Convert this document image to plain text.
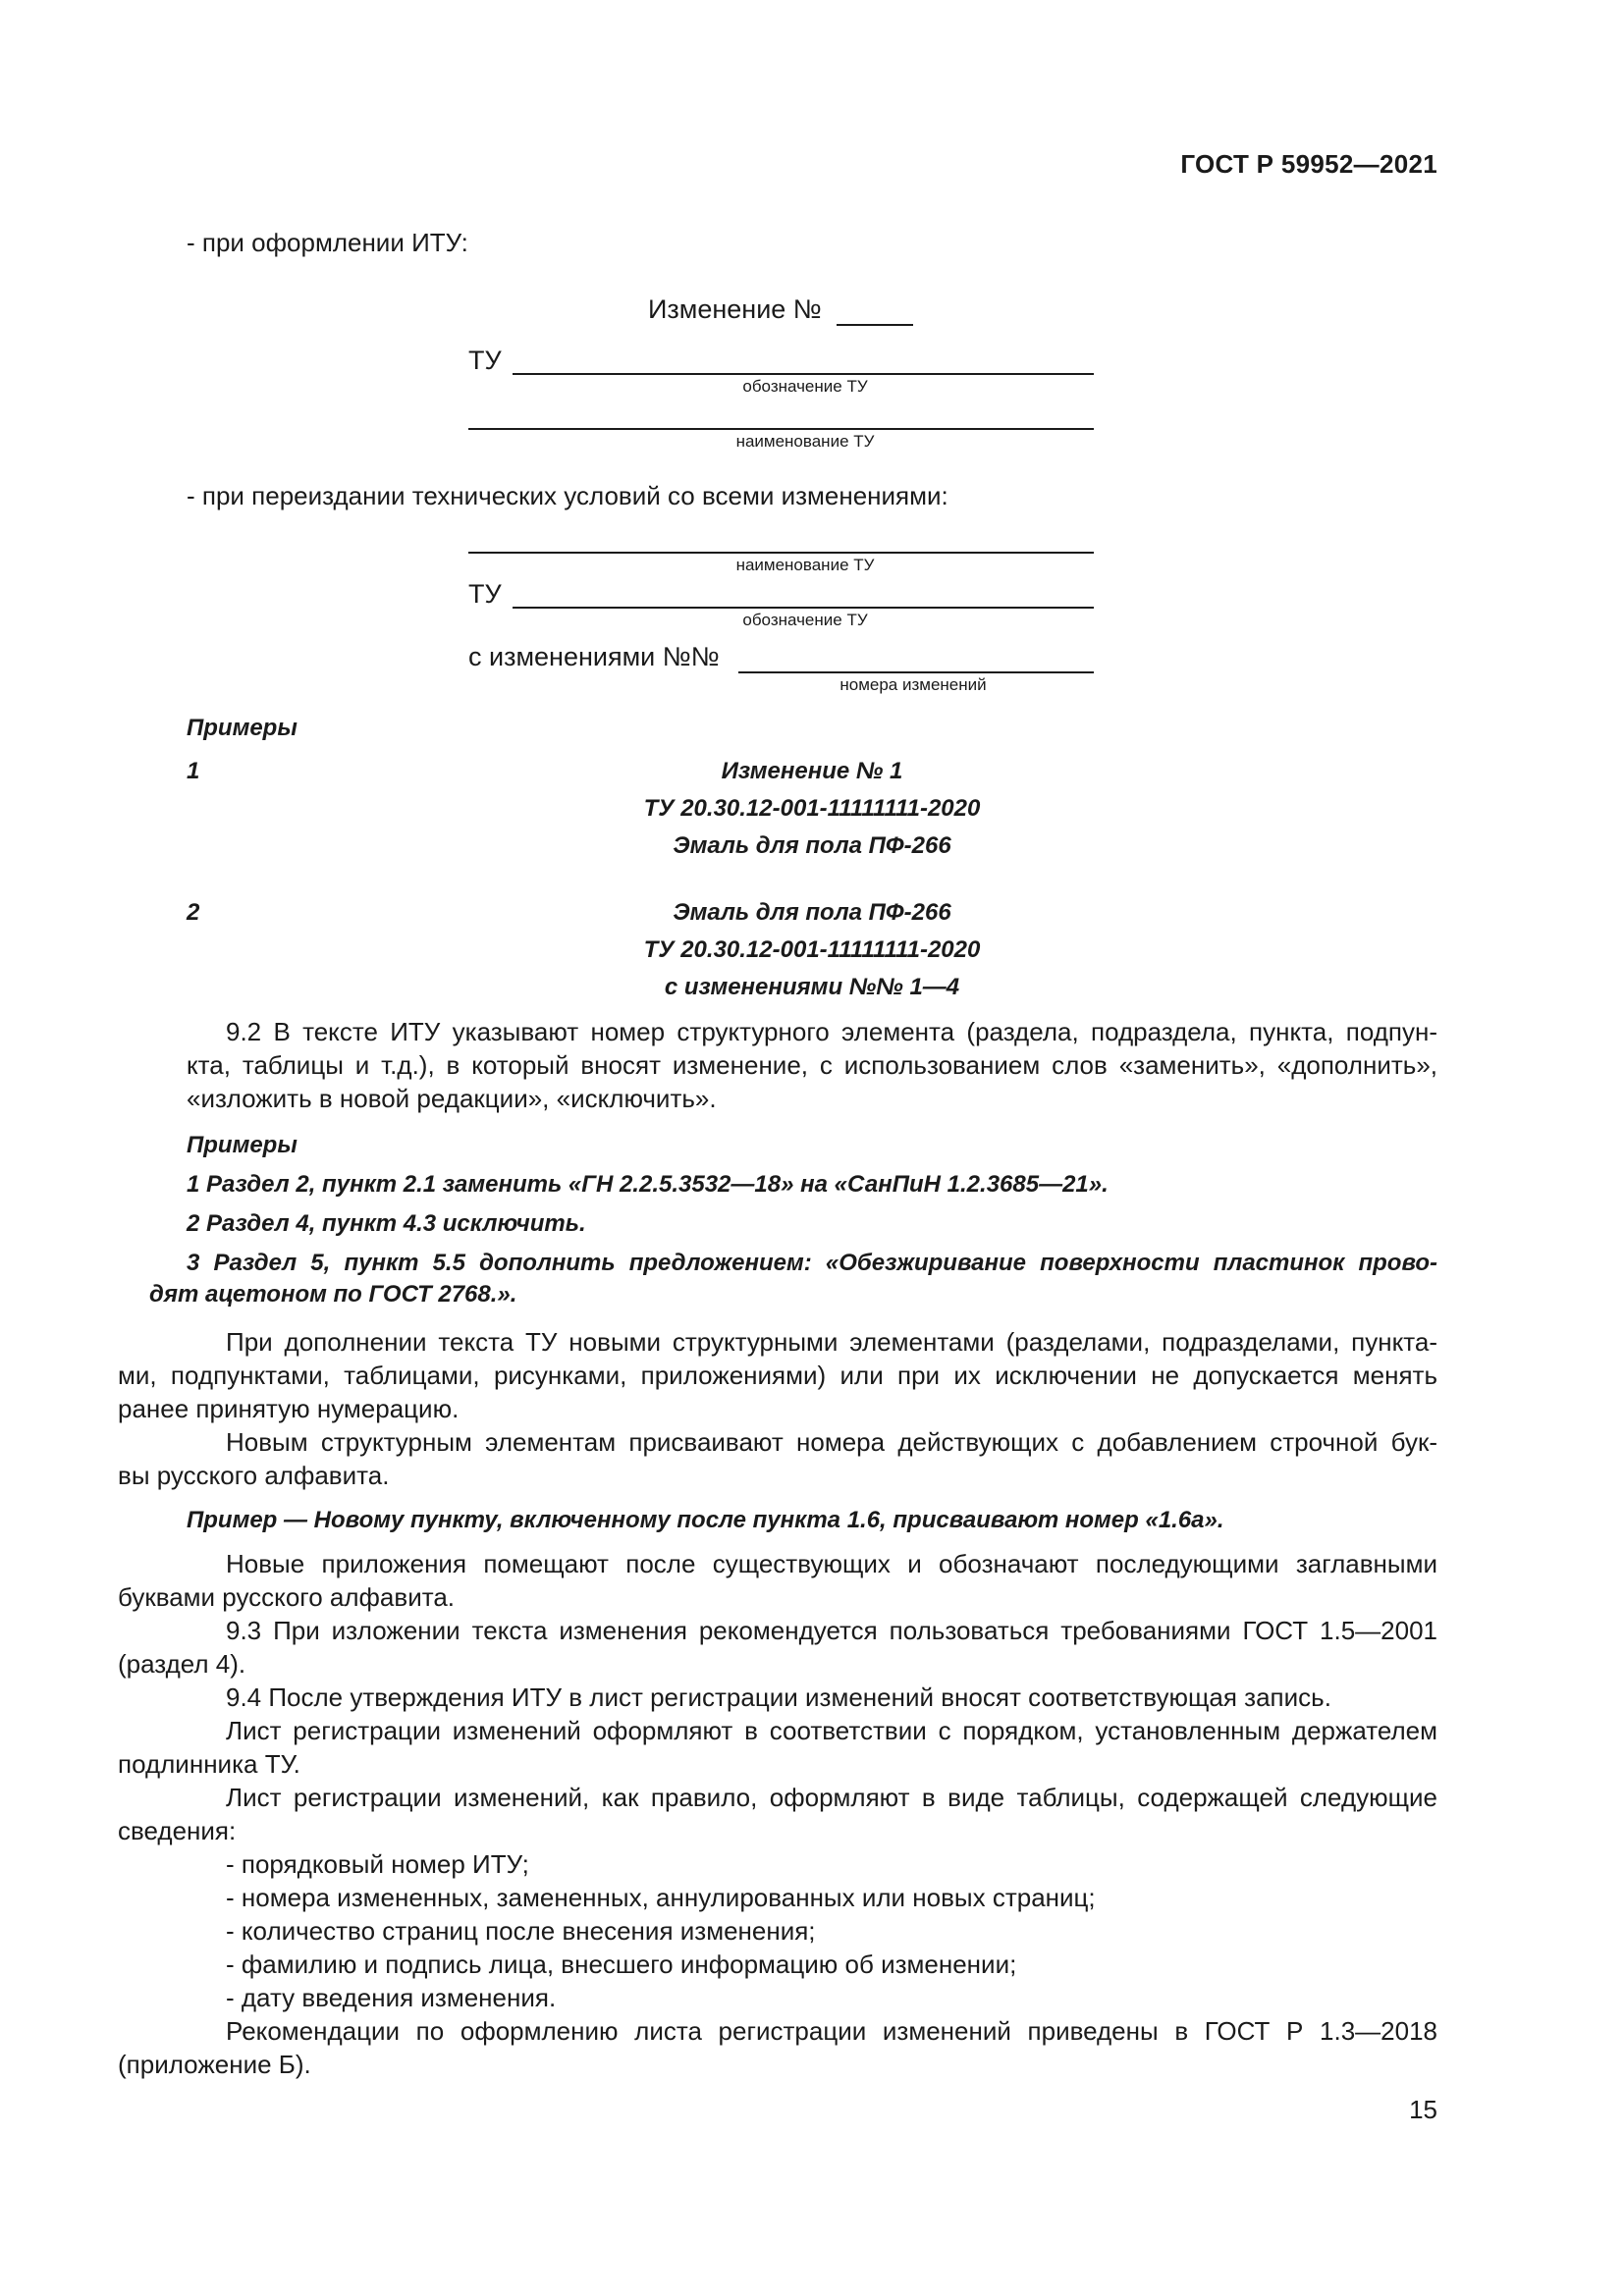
ГОСТ Р 59952—2021
- при оформлении ИТУ:
Изменение №
ТУ
обозначение ТУ
наименование ТУ
- при переиздании технических условий со всеми изменениями:
наименование ТУ
ТУ
обозначение ТУ
с изменениями №№
номера изменений
Примеры
1	Изменение № 1
ТУ 20.30.12-001-11111111-2020
Эмаль для пола ПФ-266
2	Эмаль для пола ПФ-266
ТУ 20.30.12-001-11111111-2020
с изменениями №№ 1—4
9.2 В тексте ИТУ указывают номер структурного элемента (раздела, подраздела, пункта, подпун-
кта, таблицы и т.д.), в который вносят изменение, с использованием слов «заменить», «дополнить»,
«изложить в новой редакции», «исключить».
Примеры
1 Раздел 2, пункт 2.1 заменить «ГН 2.2.5.3532—18» на «СанПиН 1.2.3685—21».
2 Раздел 4, пункт 4.3 исключить.
3 Раздел 5, пункт 5.5 дополнить предложением: «Обезжиривание поверхности пластинок прово-
дят ацетоном по ГОСТ 2768.».
При дополнении текста ТУ новыми структурными элементами (разделами, подразделами, пункта-
ми, подпунктами, таблицами, рисунками, приложениями) или при их исключении не допускается менять
ранее принятую нумерацию.
Новым структурным элементам присваивают номера действующих с добавлением строчной бук-
вы русского алфавита.
Пример — Новому пункту, включенному после пункта 1.6, присваивают номер «1.6а».
Новые приложения помещают после существующих и обозначают последующими заглавными
буквами русского алфавита.
9.3 При изложении текста изменения рекомендуется пользоваться требованиями ГОСТ 1.5—2001
(раздел 4).
9.4 После утверждения ИТУ в лист регистрации изменений вносят соответствующая запись.
Лист регистрации изменений оформляют в соответствии с порядком, установленным держателем
подлинника ТУ.
Лист регистрации изменений, как правило, оформляют в виде таблицы, содержащей следующие
сведения:
- порядковый номер ИТУ;
- номера измененных, замененных, аннулированных или новых страниц;
- количество страниц после внесения изменения;
- фамилию и подпись лица, внесшего информацию об изменении;
- дату введения изменения.
Рекомендации по оформлению листа регистрации изменений приведены в ГОСТ Р 1.3—2018
(приложение Б).
15
